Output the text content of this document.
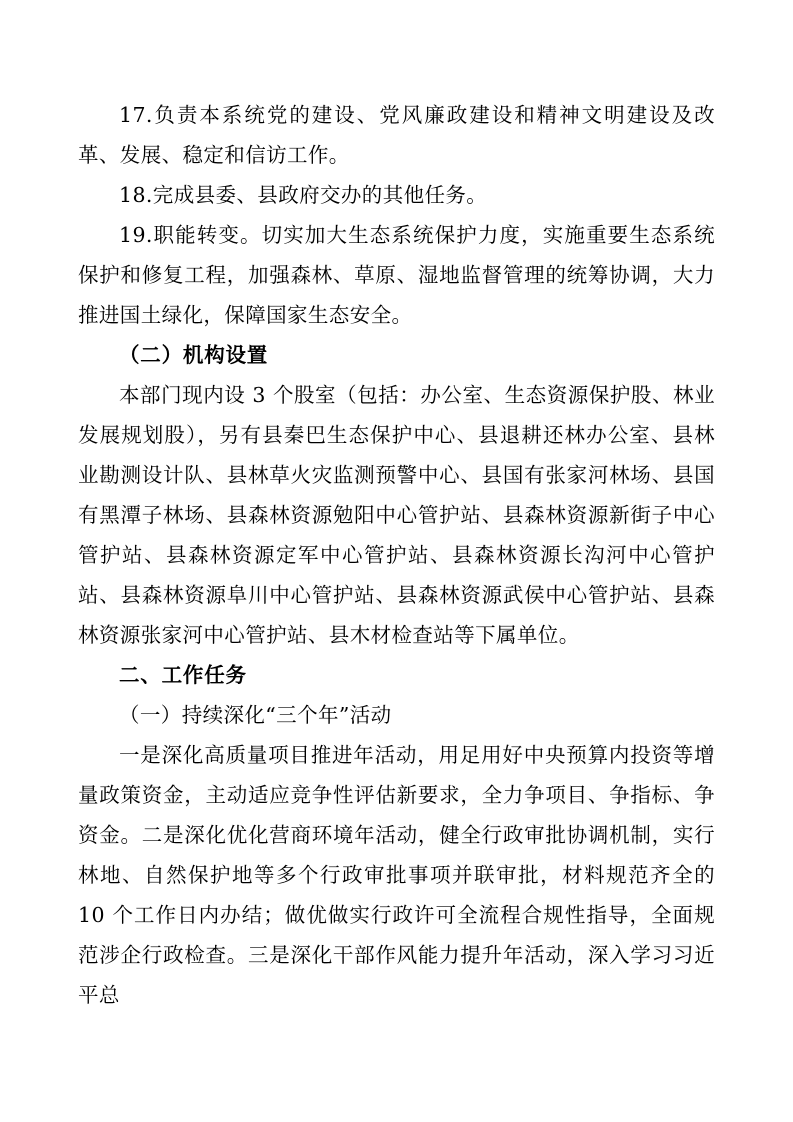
17.负责本系统党的建设、党风廉政建设和精神文明建设及改革、发展、稳定和信访工作。

18.完成县委、县政府交办的其他任务。

19.职能转变。切实加大生态系统保护力度，实施重要生态系统保护和修复工程，加强森林、草原、湿地监督管理的统筹协调，大力推进国土绿化，保障国家生态安全。

（二）机构设置

本部门现内设 3 个股室（包括：办公室、生态资源保护股、林业发展规划股），另有县秦巴生态保护中心、县退耕还林办公室、县林业勘测设计队、县林草火灾监测预警中心、县国有张家河林场、县国有黑潭子林场、县森林资源勉阳中心管护站、县森林资源新街子中心管护站、县森林资源定军中心管护站、县森林资源长沟河中心管护站、县森林资源阜川中心管护站、县森林资源武侯中心管护站、县森林资源张家河中心管护站、县木材检查站等下属单位。

二、工作任务

（一）持续深化“三个年”活动

一是深化高质量项目推进年活动，用足用好中央预算内投资等增量政策资金，主动适应竞争性评估新要求，全力争项目、争指标、争资金。二是深化优化营商环境年活动，健全行政审批协调机制，实行林地、自然保护地等多个行政审批事项并联审批，材料规范齐全的 10 个工作日内办结；做优做实行政许可全流程合规性指导，全面规范涉企行政检查。三是深化干部作风能力提升年活动，深入学习习近平总
